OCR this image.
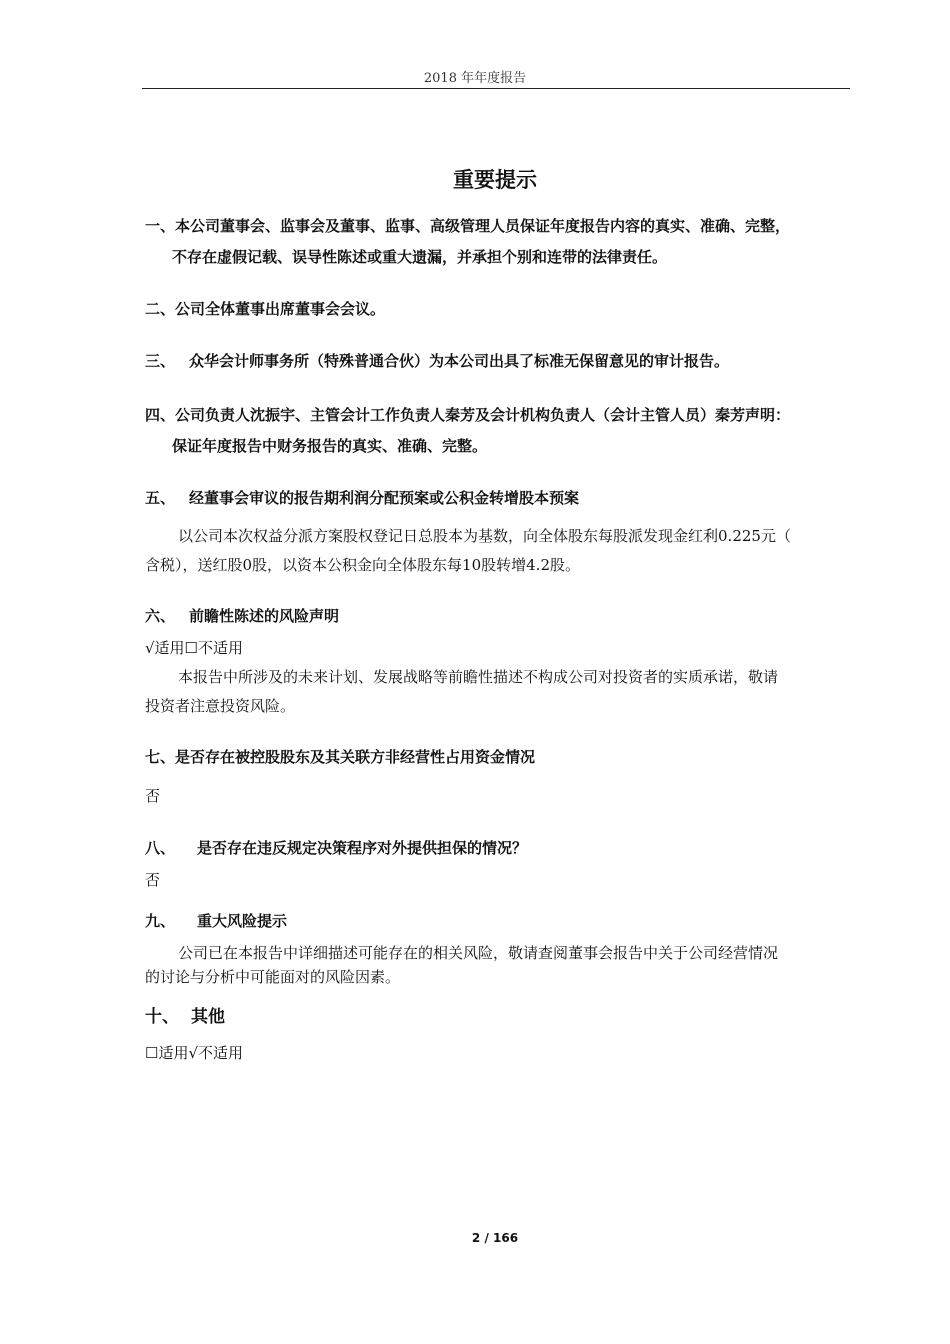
2018 年年度报告
重要提示
一、本公司董事会、监事会及董事、监事、高级管理人员保证年度报告内容的真实、准确、完整，
不存在虚假记载、误导性陈述或重大遗漏，并承担个别和连带的法律责任。
二、公司全体董事出席董事会会议。
三、 众华会计师事务所（特殊普通合伙）为本公司出具了标准无保留意见的审计报告。
四、公司负责人沈振宇、主管会计工作负责人秦芳及会计机构负责人（会计主管人员）秦芳声明：
保证年度报告中财务报告的真实、准确、完整。
五、 经董事会审议的报告期利润分配预案或公积金转增股本预案
以公司本次权益分派方案股权登记日总股本为基数，向全体股东每股派发现金红利0.225元（
含税），送红股0股，以资本公积金向全体股东每10股转增4.2股。
六、 前瞻性陈述的风险声明
√适用☐不适用
本报告中所涉及的未来计划、发展战略等前瞻性描述不构成公司对投资者的实质承诺，敬请
投资者注意投资风险。
七、是否存在被控股股东及其关联方非经营性占用资金情况
否
八、 是否存在违反规定决策程序对外提供担保的情况？
否
九、 重大风险提示
公司已在本报告中详细描述可能存在的相关风险，敬请查阅董事会报告中关于公司经营情况
的讨论与分析中可能面对的风险因素。
十、 其他
☐适用√不适用
2 / 166
